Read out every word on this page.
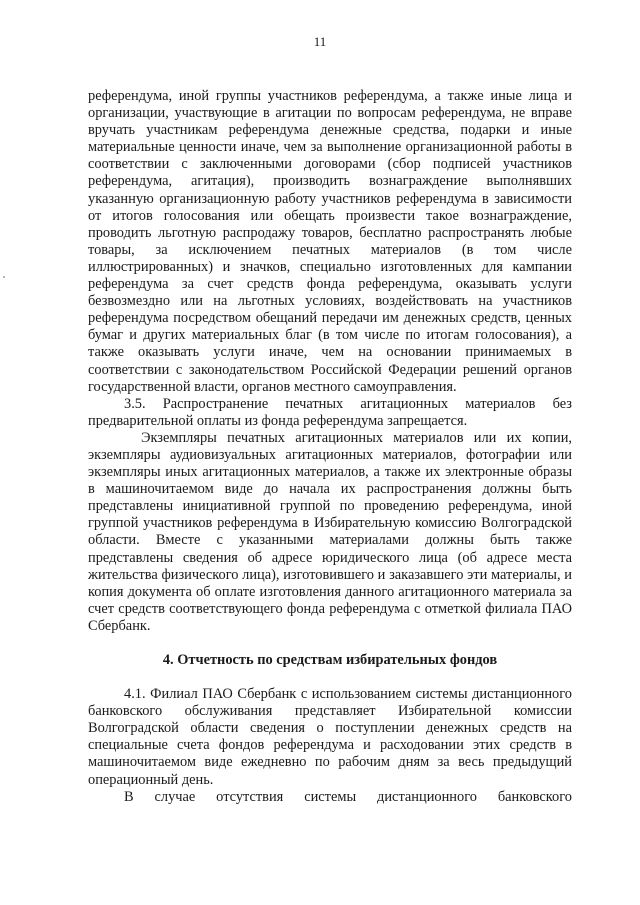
11

референдума, иной группы участников референдума, а также иные лица и организации, участвующие в агитации по вопросам референдума, не вправе вручать участникам референдума денежные средства, подарки и иные материальные ценности иначе, чем за выполнение организационной работы в соответствии с заключенными договорами (сбор подписей участников референдума, агитация), производить вознаграждение выполнявших указанную организационную работу участников референдума в зависимости от итогов голосования или обещать произвести такое вознаграждение, проводить льготную распродажу товаров, бесплатно распространять любые товары, за исключением печатных материалов (в том числе иллюстрированных) и значков, специально изготовленных для кампании референдума за счет средств фонда референдума, оказывать услуги безвозмездно или на льготных условиях, воздействовать на участников референдума посредством обещаний передачи им денежных средств, ценных бумаг и других материальных благ (в том числе по итогам голосования), а также оказывать услуги иначе, чем на основании принимаемых в соответствии с законодательством Российской Федерации решений органов государственной власти, органов местного самоуправления.

3.5. Распространение печатных агитационных материалов без предварительной оплаты из фонда референдума запрещается.

Экземпляры печатных агитационных материалов или их копии, экземпляры аудиовизуальных агитационных материалов, фотографии или экземпляры иных агитационных материалов, а также их электронные образы в машиночитаемом виде до начала их распространения должны быть представлены инициативной группой по проведению референдума, иной группой участников референдума в Избирательную комиссию Волгоградской области. Вместе с указанными материалами должны быть также представлены сведения об адресе юридического лица (об адресе места жительства физического лица), изготовившего и заказавшего эти материалы, и копия документа об оплате изготовления данного агитационного материала за счет средств соответствующего фонда референдума с отметкой филиала ПАО Сбербанк.

4. Отчетность по средствам избирательных фондов

4.1. Филиал ПАО Сбербанк с использованием системы дистанционного банковского обслуживания представляет Избирательной комиссии Волгоградской области сведения о поступлении денежных средств на специальные счета фондов референдума и расходовании этих средств в машиночитаемом виде ежедневно по рабочим дням за весь предыдущий операционный день.

В случае отсутствия системы дистанционного банковского
